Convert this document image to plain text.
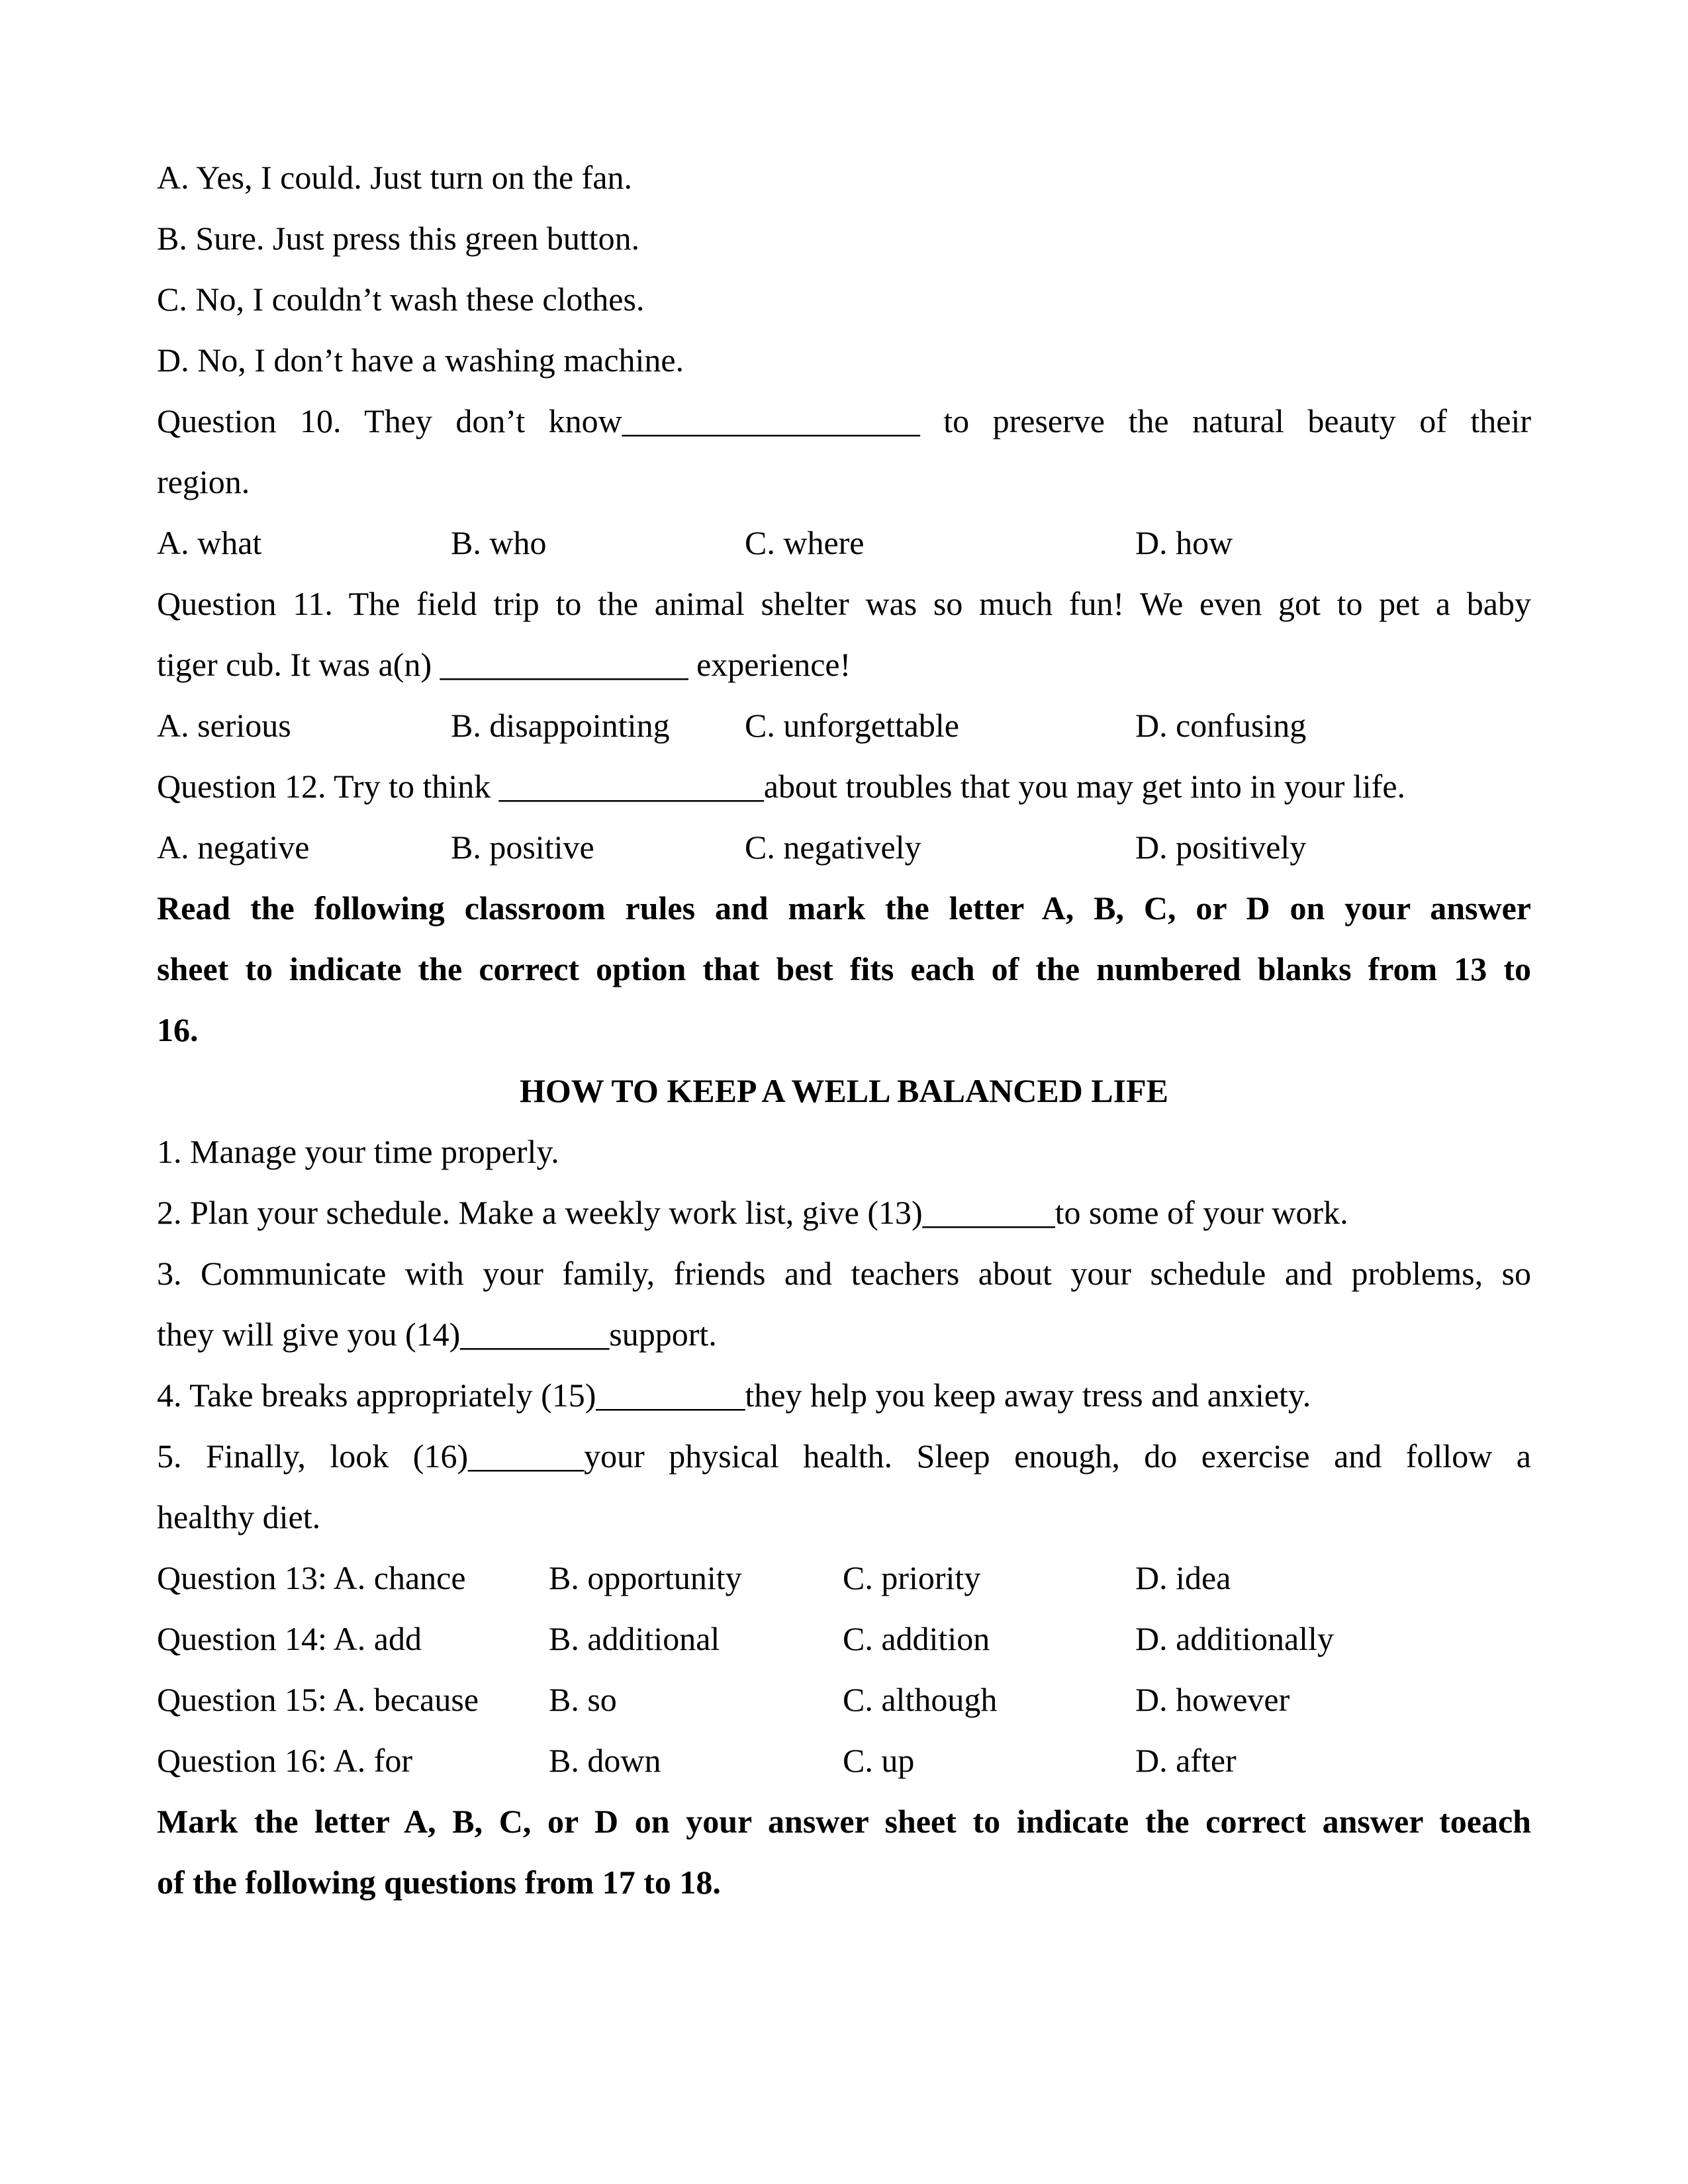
A. Yes, I could. Just turn on the fan.
B. Sure. Just press this green button.
C. No, I couldn’t wash these clothes.
D. No, I don’t have a washing machine.
Question 10. They don’t know__________________ to preserve the natural beauty of their
region.
A. what	B. who	C. where	D. how
Question 11. The field trip to the animal shelter was so much fun! We even got to pet a baby
tiger cub. It was a(n) _______________ experience!
A. serious	B. disappointing C. unforgettable	D. confusing
Question 12. Try to think ________________about troubles that you may get into in your life.
A. negative	B. positive	C. negatively	D. positively
Read the following classroom rules and mark the letter A, B, C, or D on your answer
sheet to indicate the correct option that best fits each of the numbered blanks from 13 to
16.
HOW TO KEEP A WELL BALANCED LIFE
1. Manage your time properly.
2. Plan your schedule. Make a weekly work list, give (13)________to some of your work.
3. Communicate with your family, friends and teachers about your schedule and problems, so
they will give you (14)_________support.
4. Take breaks appropriately (15)_________they help you keep away tress and anxiety.
5. Finally, look (16)_______your physical health. Sleep enough, do exercise and follow a
healthy diet.
Question 13: A. chance	B. opportunity	C. priority	D. idea
Question 14: A. add	B. additional	C. addition	D. additionally
Question 15: A. because B. so	C. although	D. however
Question 16: A. for	B. down	C. up	D. after
Mark the letter A, B, C, or D on your answer sheet to indicate the correct answer toeach
of the following questions from 17 to 18.
